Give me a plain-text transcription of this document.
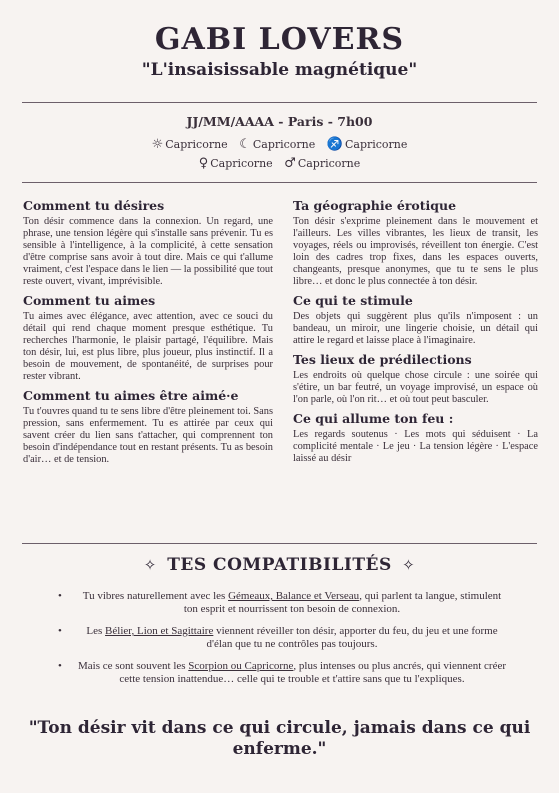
GABI LOVERS
"L'insaisissable magnétique"
JJ/MM/AAAA - Paris - 7h00
☼ Capricorne ☾ Capricorne ♐ Capricorne
♀ Capricorne ♂ Capricorne
Comment tu désires

Ton désir commence dans la connexion. Un regard, une phrase, une tension légère qui s'installe sans prévenir. Tu es sensible à l'intelligence, à la complicité, à cette sensation d'être comprise sans avoir à tout dire. Mais ce qui t'allume vraiment, c'est l'espace dans le lien — la possibilité que tout reste ouvert, vivant, imprévisible.

Comment tu aimes

Tu aimes avec élégance, avec attention, avec ce souci du détail qui rend chaque moment presque esthétique. Tu recherches l'harmonie, le plaisir partagé, l'équilibre. Mais ton désir, lui, est plus libre, plus joueur, plus instinctif. Il a besoin de mouvement, de spontanéité, de surprises pour rester vibrant.

Comment tu aimes être aimé·e

Tu t'ouvres quand tu te sens libre d'être pleinement toi. Sans pression, sans enfermement. Tu es attirée par ceux qui savent créer du lien sans t'attacher, qui comprennent ton besoin d'indépendance tout en restant présents. Tu as besoin d'air… et de tension.

Ta géographie érotique

Ton désir s'exprime pleinement dans le mouvement et l'ailleurs. Les villes vibrantes, les lieux de transit, les voyages, réels ou improvisés, réveillent ton énergie. C'est loin des cadres trop fixes, dans les espaces ouverts, changeants, presque anonymes, que tu te sens le plus libre… et donc le plus connectée à ton désir.

Ce qui te stimule

Des objets qui suggèrent plus qu'ils n'imposent : un bandeau, un miroir, une lingerie choisie, un détail qui attire le regard et laisse place à l'imaginaire.

Tes lieux de prédilections

Les endroits où quelque chose circule : une soirée qui s'étire, un bar feutré, un voyage improvisé, un espace où l'on parle, où l'on rit… et où tout peut basculer.

Ce qui allume ton feu :

Les regards soutenus · Les mots qui séduisent · La complicité mentale · Le jeu · La tension légère · L'espace laissé au désir

✧ TES COMPATIBILITÉS ✧
• Tu vibres naturellement avec les Gémeaux, Balance et Verseau, qui parlent ta langue, stimulent ton esprit et nourrissent ton besoin de connexion.
• Les Bélier, Lion et Sagittaire viennent réveiller ton désir, apporter du feu, du jeu et une forme d'élan que tu ne contrôles pas toujours.
• Mais ce sont souvent les Scorpion ou Capricorne, plus intenses ou plus ancrés, qui viennent créer cette tension inattendue… celle qui te trouble et t'attire sans que tu l'expliques.
"Ton désir vit dans ce qui circule, jamais dans ce qui enferme."
